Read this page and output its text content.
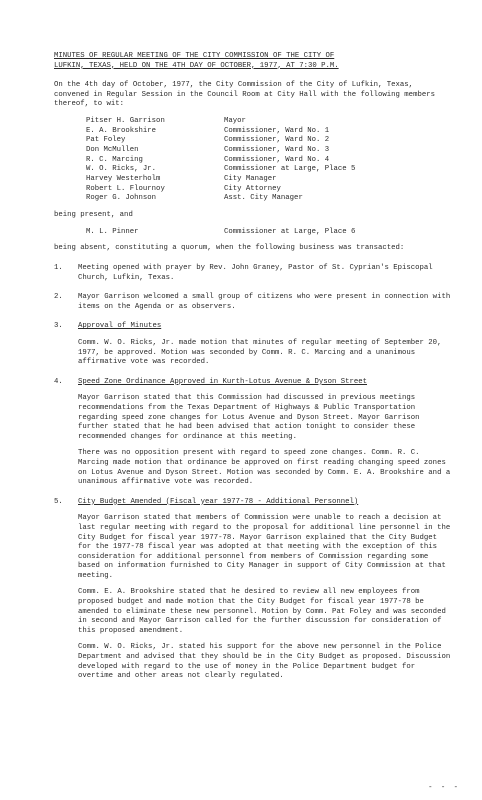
MINUTES OF REGULAR MEETING OF THE CITY COMMISSION OF THE CITY OF
LUFKIN, TEXAS, HELD ON THE 4TH DAY OF OCTOBER, 1977, AT 7:30 P.M.

On the 4th day of October, 1977, the City Commission of the City of Lufkin, Texas, convened in Regular Session in the Council Room at City Hall with the following members thereof, to wit:

Pitser H. Garrison	Mayor
E. A. Brookshire	Commissioner, Ward No. 1
Pat Foley	Commissioner, Ward No. 2
Don McMullen	Commissioner, Ward No. 3
R. C. Marcing	Commissioner, Ward No. 4
W. O. Ricks, Jr.	Commissioner at Large, Place 5
Harvey Westerholm	City Manager
Robert L. Flournoy	City Attorney
Roger G. Johnson	Asst. City Manager

being present, and

M. L. Pinner	Commissioner at Large, Place 6

being absent, constituting a quorum, when the following business was transacted:

1.	Meeting opened with prayer by Rev. John Graney, Pastor of St. Cyprian's Episcopal Church, Lufkin, Texas.

2.	Mayor Garrison welcomed a small group of citizens who were present in connection with items on the Agenda or as observers.

3.	Approval of Minutes

Comm. W. O. Ricks, Jr. made motion that minutes of regular meeting of September 20, 1977, be approved. Motion was seconded by Comm. R. C. Marcing and a unanimous affirmative vote was recorded.

4.	Speed Zone Ordinance Approved in Kurth-Lotus Avenue & Dyson Street

Mayor Garrison stated that this Commission had discussed in previous meetings recommendations from the Texas Department of Highways & Public Transportation regarding speed zone changes for Lotus Avenue and Dyson Street. Mayor Garrison further stated that he had been advised that action tonight to consider these recommended changes for ordinance at this meeting.

There was no opposition present with regard to speed zone changes. Comm. R. C. Marcing made motion that ordinance be approved on first reading changing speed zones on Lotus Avenue and Dyson Street. Motion was seconded by Comm. E. A. Brookshire and a unanimous affirmative vote was recorded.

5.	City Budget Amended (Fiscal year 1977-78 - Additional Personnel)

Mayor Garrison stated that members of Commission were unable to reach a decision at last regular meeting with regard to the proposal for additional line personnel in the City Budget for fiscal year 1977-78. Mayor Garrison explained that the City Budget for the 1977-78 fiscal year was adopted at that meeting with the exception of this consideration for additional personnel from members of Commission regarding some based on information furnished to City Manager in support of City Commission at that meeting.

Comm. E. A. Brookshire stated that he desired to review all new employees from proposed budget and made motion that the City Budget for fiscal year 1977-78 be amended to eliminate these new personnel. Motion by Comm. Pat Foley and was seconded in second and Mayor Garrison called for the further discussion for consideration of this proposed amendment.

Comm. W. O. Ricks, Jr. stated his support for the above new personnel in the Police Department and advised that they should be in the City Budget as proposed. Discussion developed with regard to the use of money in the Police Department budget for overtime and other areas not clearly regulated.

- - -
